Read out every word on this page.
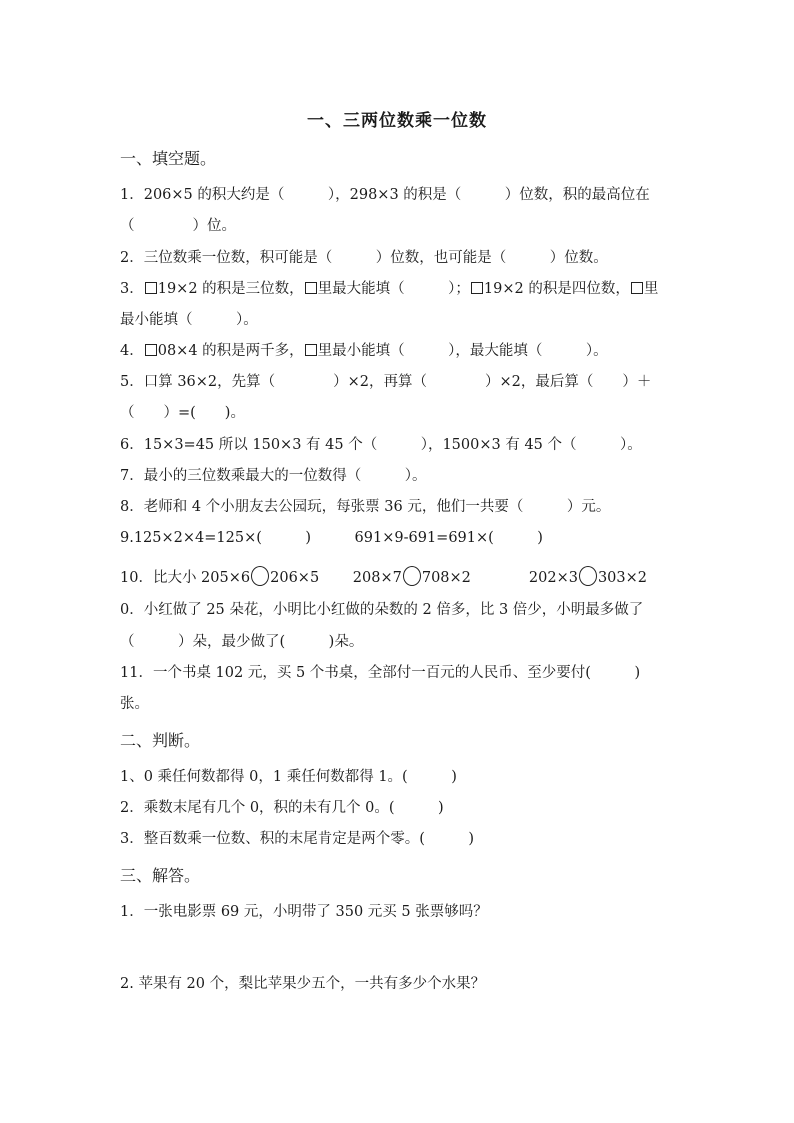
一、三两位数乘一位数
一、填空题。
1．206×5 的积大约是（　　　），298×3 的积是（　　　）位数，积的最高位在
（　　　　）位。
2．三位数乘一位数，积可能是（　　　）位数，也可能是（　　　）位数。
3． 19×2 的积是三位数， 里最大能填（　　　）； 19×2 的积是四位数， 里
最小能填（　　　）。
4． 08×4 的积是两千多， 里最小能填（　　　），最大能填（　　　）。
5．口算 36×2，先算（　　　　）×2，再算（　　　　）×2，最后算（　　）＋
（　　）=(　　)。
6．15×3=45 所以 150×3 有 45 个（　　　），1500×3 有 45 个（　　　）。
7．最小的三位数乘最大的一位数得（　　　）。
8．老师和 4 个小朋友去公园玩，每张票 36 元，他们一共要（　　　）元。
9.125×2×4=125×(　　　)　　　691×9-691=691×(　　　)
10．比大小 205×6 206×5　　 208×7 708×2　　　　202×3 303×2
0．小红做了 25 朵花，小明比小红做的朵数的 2 倍多，比 3 倍少，小明最多做了
（　　　）朵，最少做了(　　　)朵。
11．一个书桌 102 元，买 5 个书桌，全部付一百元的人民币、至少要付(　　　)
张。
二、判断。
1、0 乘任何数都得 0，1 乘任何数都得 1。(　　　)
2．乘数末尾有几个 0，积的未有几个 0。(　　　)
3．整百数乘一位数、积的末尾肯定是两个零。(　　　)
三、解答。
1．一张电影票 69 元，小明带了 350 元买 5 张票够吗？
2. 苹果有 20 个，梨比苹果少五个，一共有多少个水果？
